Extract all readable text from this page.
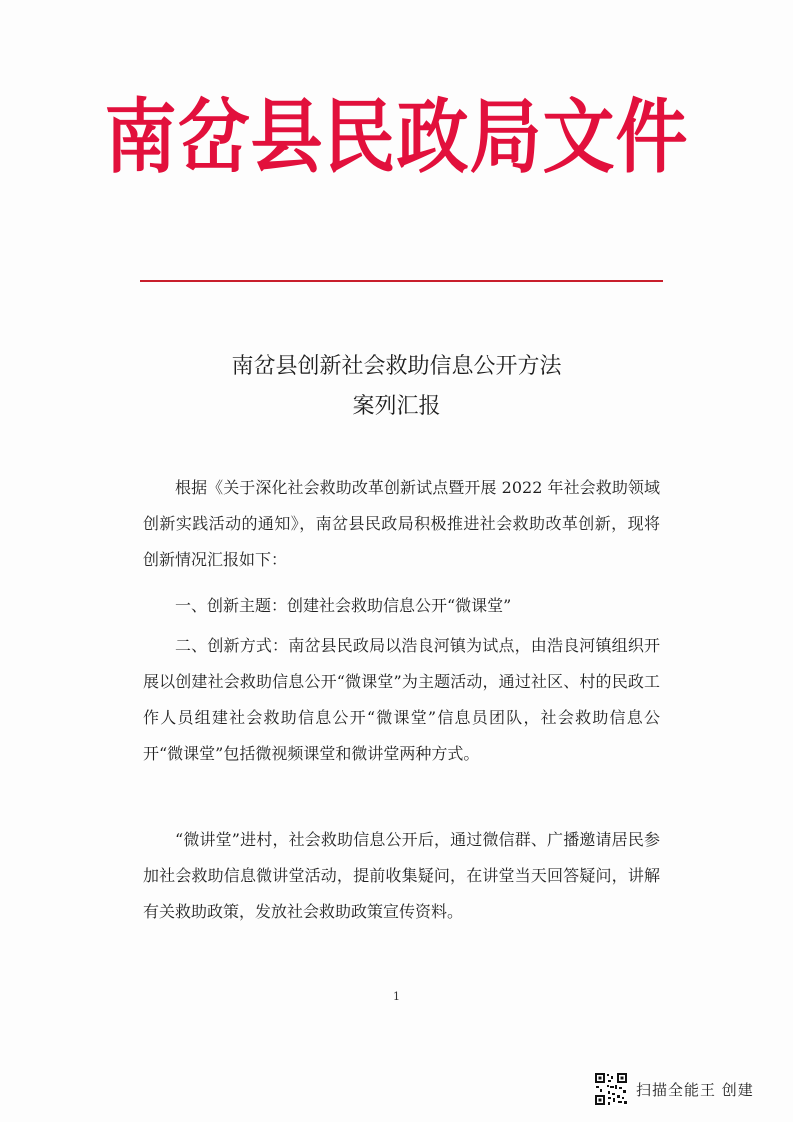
南岔县民政局文件
南岔县创新社会救助信息公开方法
案列汇报
根据《关于深化社会救助改革创新试点暨开展 2022 年社会救助领域创新实践活动的通知》，南岔县民政局积极推进社会救助改革创新，现将创新情况汇报如下：
一、创新主题：创建社会救助信息公开“微课堂”
二、创新方式：南岔县民政局以浩良河镇为试点，由浩良河镇组织开展以创建社会救助信息公开“微课堂”为主题活动，通过社区、村的民政工作人员组建社会救助信息公开“微课堂”信息员团队，社会救助信息公开“微课堂”包括微视频课堂和微讲堂两种方式。
“微讲堂”进村，社会救助信息公开后，通过微信群、广播邀请居民参加社会救助信息微讲堂活动，提前收集疑问，在讲堂当天回答疑问，讲解有关救助政策，发放社会救助政策宣传资料。
1
扫描全能王 创建
